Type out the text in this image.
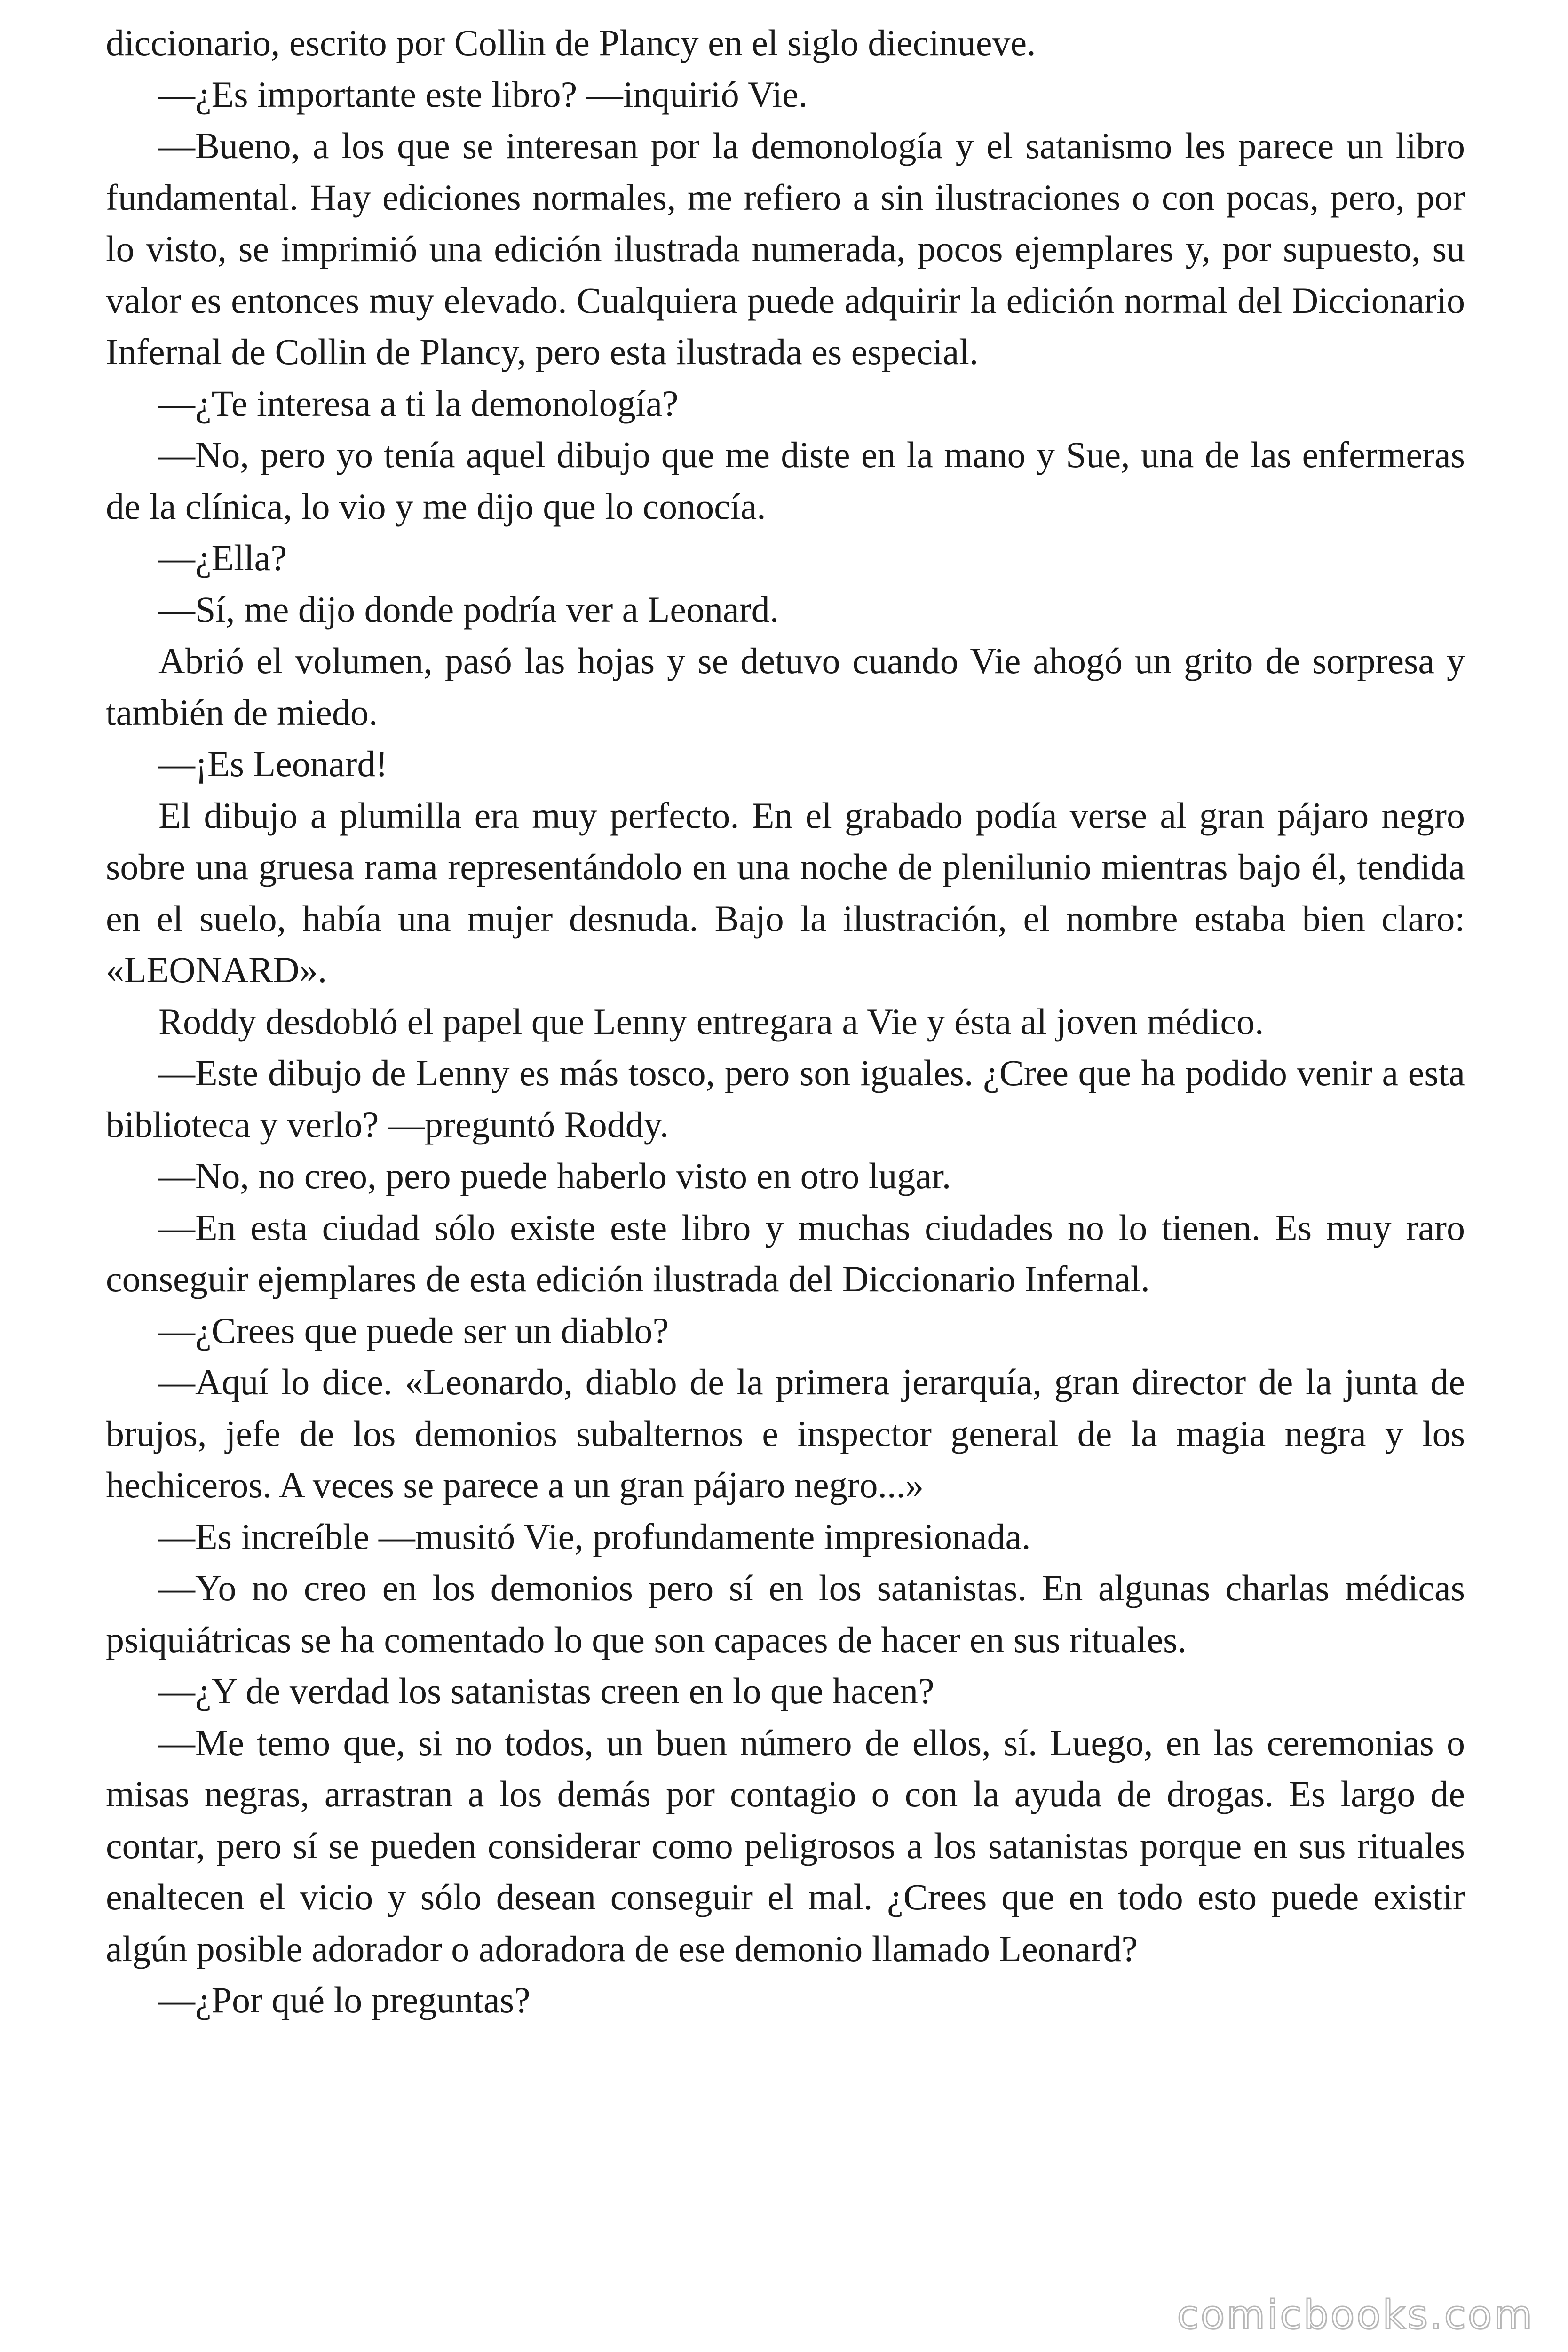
diccionario, escrito por Collin de Plancy en el siglo diecinueve.

—¿Es importante este libro? —inquirió Vie.

—Bueno, a los que se interesan por la demonología y el satanismo les parece un libro fundamental. Hay ediciones normales, me refiero a sin ilustraciones o con pocas, pero, por lo visto, se imprimió una edición ilustrada numerada, pocos ejemplares y, por supuesto, su valor es entonces muy elevado. Cualquiera puede adquirir la edición normal del Diccionario Infernal de Collin de Plancy, pero esta ilustrada es especial.

—¿Te interesa a ti la demonología?

—No, pero yo tenía aquel dibujo que me diste en la mano y Sue, una de las enfermeras de la clínica, lo vio y me dijo que lo conocía.

—¿Ella?

—Sí, me dijo donde podría ver a Leonard.

Abrió el volumen, pasó las hojas y se detuvo cuando Vie ahogó un grito de sorpresa y también de miedo.

—¡Es Leonard!

El dibujo a plumilla era muy perfecto. En el grabado podía verse al gran pájaro negro sobre una gruesa rama representándolo en una noche de plenilunio mientras bajo él, tendida en el suelo, había una mujer desnuda. Bajo la ilustración, el nombre estaba bien claro: «LEONARD».

Roddy desdobló el papel que Lenny entregara a Vie y ésta al joven médico.

—Este dibujo de Lenny es más tosco, pero son iguales. ¿Cree que ha podido venir a esta biblioteca y verlo? —preguntó Roddy.

—No, no creo, pero puede haberlo visto en otro lugar.

—En esta ciudad sólo existe este libro y muchas ciudades no lo tienen. Es muy raro conseguir ejemplares de esta edición ilustrada del Diccionario Infernal.

—¿Crees que puede ser un diablo?

—Aquí lo dice. «Leonardo, diablo de la primera jerarquía, gran director de la junta de brujos, jefe de los demonios subalternos e inspector general de la magia negra y los hechiceros. A veces se parece a un gran pájaro negro...»

—Es increíble —musitó Vie, profundamente impresionada.

—Yo no creo en los demonios pero sí en los satanistas. En algunas charlas médicas psiquiátricas se ha comentado lo que son capaces de hacer en sus rituales.

—¿Y de verdad los satanistas creen en lo que hacen?

—Me temo que, si no todos, un buen número de ellos, sí. Luego, en las ceremonias o misas negras, arrastran a los demás por contagio o con la ayuda de drogas. Es largo de contar, pero sí se pueden considerar como peligrosos a los satanistas porque en sus rituales enaltecen el vicio y sólo desean conseguir el mal. ¿Crees que en todo esto puede existir algún posible adorador o adoradora de ese demonio llamado Leonard?

—¿Por qué lo preguntas?

comicbooks.com
